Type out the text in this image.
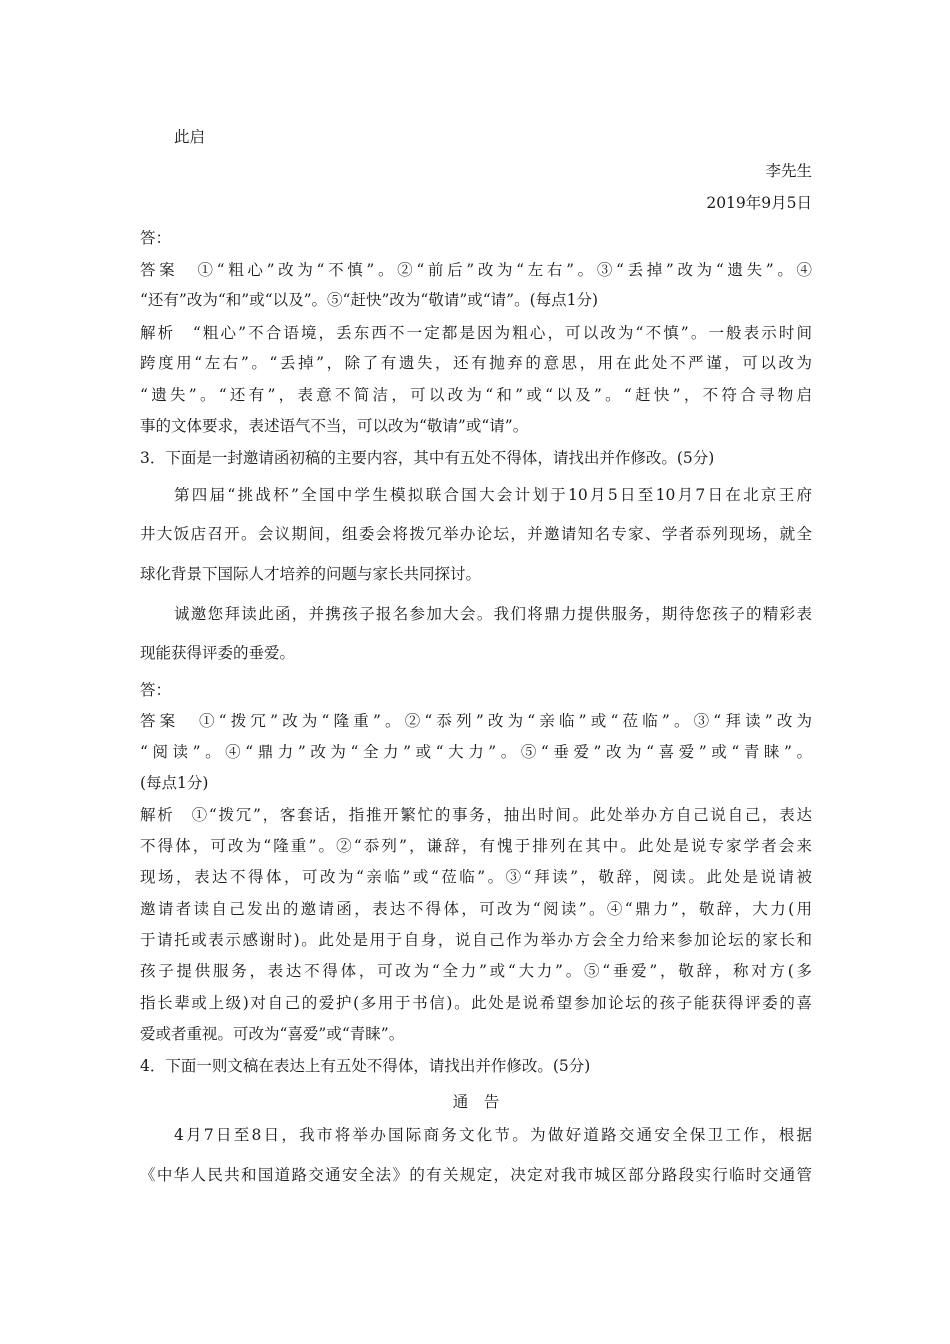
此启
李先生
2019年9月5日
答：
答案　①“粗心”改为“不慎”。②“前后”改为“左右”。③“丢掉”改为“遗失”。④
“还有”改为“和”或“以及”。⑤“赶快”改为“敬请”或“请”。(每点1分)
解析　“粗心”不合语境，丢东西不一定都是因为粗心，可以改为“不慎”。一般表示时间
跨度用“左右”。“丢掉”，除了有遗失，还有抛弃的意思，用在此处不严谨，可以改为
“遗失”。“还有”，表意不简洁，可以改为“和”或“以及”。“赶快”，不符合寻物启
事的文体要求，表述语气不当，可以改为“敬请”或“请”。
3．下面是一封邀请函初稿的主要内容，其中有五处不得体，请找出并作修改。(5分)
第四届“挑战杯”全国中学生模拟联合国大会计划于10月5日至10月7日在北京王府
井大饭店召开。会议期间，组委会将拨冗举办论坛，并邀请知名专家、学者忝列现场，就全
球化背景下国际人才培养的问题与家长共同探讨。
诚邀您拜读此函，并携孩子报名参加大会。我们将鼎力提供服务，期待您孩子的精彩表
现能获得评委的垂爱。
答：
答案　①“拨冗”改为“隆重”。②“忝列”改为“亲临”或“莅临”。③“拜读”改为
“阅读”。④“鼎力”改为“全力”或“大力”。⑤“垂爱”改为“喜爱”或“青睐”。
(每点1分)
解析　①“拨冗”，客套话，指推开繁忙的事务，抽出时间。此处举办方自己说自己，表达
不得体，可改为“隆重”。②“忝列”，谦辞，有愧于排列在其中。此处是说专家学者会来
现场，表达不得体，可改为“亲临”或“莅临”。③“拜读”，敬辞，阅读。此处是说请被
邀请者读自己发出的邀请函，表达不得体，可改为“阅读”。④“鼎力”，敬辞，大力(用
于请托或表示感谢时)。此处是用于自身，说自己作为举办方会全力给来参加论坛的家长和
孩子提供服务，表达不得体，可改为“全力”或“大力”。⑤“垂爱”，敬辞，称对方(多
指长辈或上级)对自己的爱护(多用于书信)。此处是说希望参加论坛的孩子能获得评委的喜
爱或者重视。可改为“喜爱”或“青睐”。
4．下面一则文稿在表达上有五处不得体，请找出并作修改。(5分)
通　告
4月7日至8日，我市将举办国际商务文化节。为做好道路交通安全保卫工作，根据
《中华人民共和国道路交通安全法》的有关规定，决定对我市城区部分路段实行临时交通管
